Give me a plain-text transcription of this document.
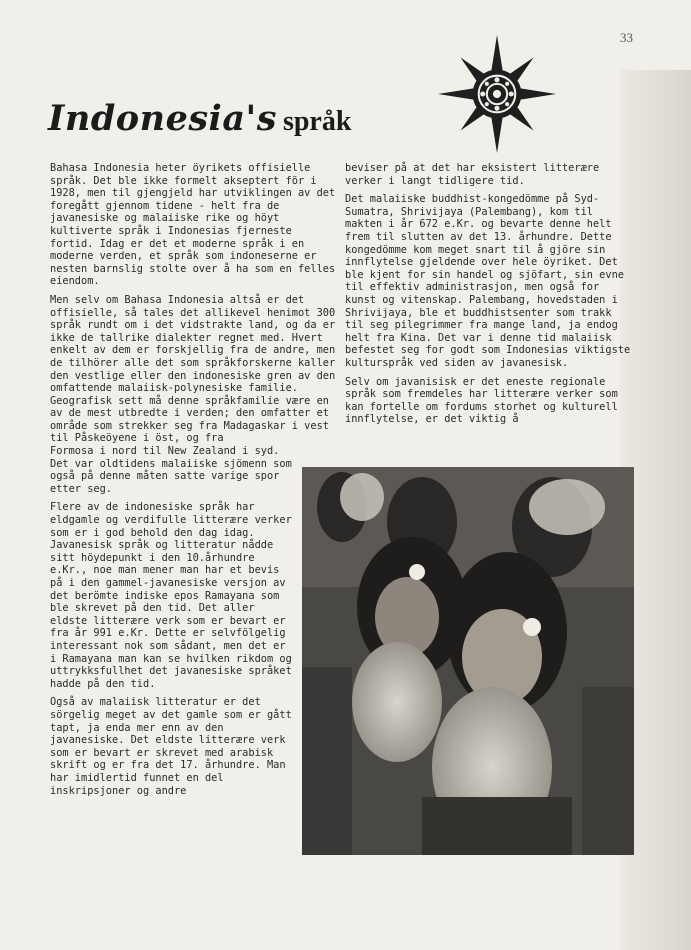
33
Indonesia's språk

Bahasa Indonesia heter öyrikets offisielle språk. Det ble ikke formelt akseptert för i 1928, men til gjengjeld har utviklingen av det foregått gjennom tidene - helt fra de javanesiske og malaiiske rike og höyt kultiverte språk i Indonesias fjerneste fortid. Idag er det et moderne språk i en moderne verden, et språk som indoneserne er nesten barnslig stolte over å ha som en felles eiendom.

Men selv om Bahasa Indonesia altså er det offisielle, så tales det allikevel henimot 300 språk rundt om i det vidstrakte land, og da er ikke de tallrike dialekter regnet med. Hvert enkelt av dem er forskjellig fra de andre, men de tilhörer alle det som språkforskerne kaller den vestlige eller den indonesiske gren av den omfattende malaiisk-polynesiske familie. Geografisk sett må denne språkfamilie være en av de mest utbredte i verden; den omfatter et område som strekker seg fra Madagaskar i vest til Påskeöyene i öst, og fra
Formosa i nord til New Zealand i syd. Det var oldtidens malaiiske sjömenn som også på denne måten satte varige spor etter seg.

Flere av de indonesiske språk har eldgamle og verdifulle litterære verker som er i god behold den dag idag. Javanesisk språk og litteratur nådde sitt höydepunkt i den 10.århundre e.Kr., noe man mener man har et bevis på i den gammel-javanesiske versjon av det berömte indiske epos Ramayana som ble skrevet på den tid. Det aller eldste litterære verk som er bevart er fra år 991 e.Kr. Dette er selvfölgelig interessant nok som sådant, men det er i Ramayana man kan se hvilken rikdom og uttrykksfullhet det javanesiske språket hadde på den tid.

Også av malaiisk litteratur er det sörgelig meget av det gamle som er gått tapt, ja enda mer enn av den javanesiske. Det eldste litterære verk som er bevart er skrevet med arabisk skrift og er fra det 17. århundre. Man har imidlertid funnet en del inskripsjoner og andre

beviser på at det har eksistert litterære verker i langt tidligere tid.

Det malaiiske buddhist-kongedömme på Syd-Sumatra, Shrivijaya (Palembang), kom til makten i år 672 e.Kr. og bevarte denne helt frem til slutten av det 13. århundre. Dette kongedömme kom meget snart til å gjöre sin innflytelse gjeldende over hele öyriket. Det ble kjent for sin handel og sjöfart, sin evne til effektiv administrasjon, men også for kunst og vitenskap. Palembang, hovedstaden i Shrivijaya, ble et buddhistsenter som trakk til seg pilegrimmer fra mange land, ja endog helt fra Kina. Det var i denne tid malaiisk befestet seg for godt som Indonesias viktigste kulturspråk ved siden av javanesisk.

Selv om javanisisk er det eneste regionale språk som fremdeles har litterære verker som kan fortelle om fordums storhet og kulturell innflytelse, er det viktig å
